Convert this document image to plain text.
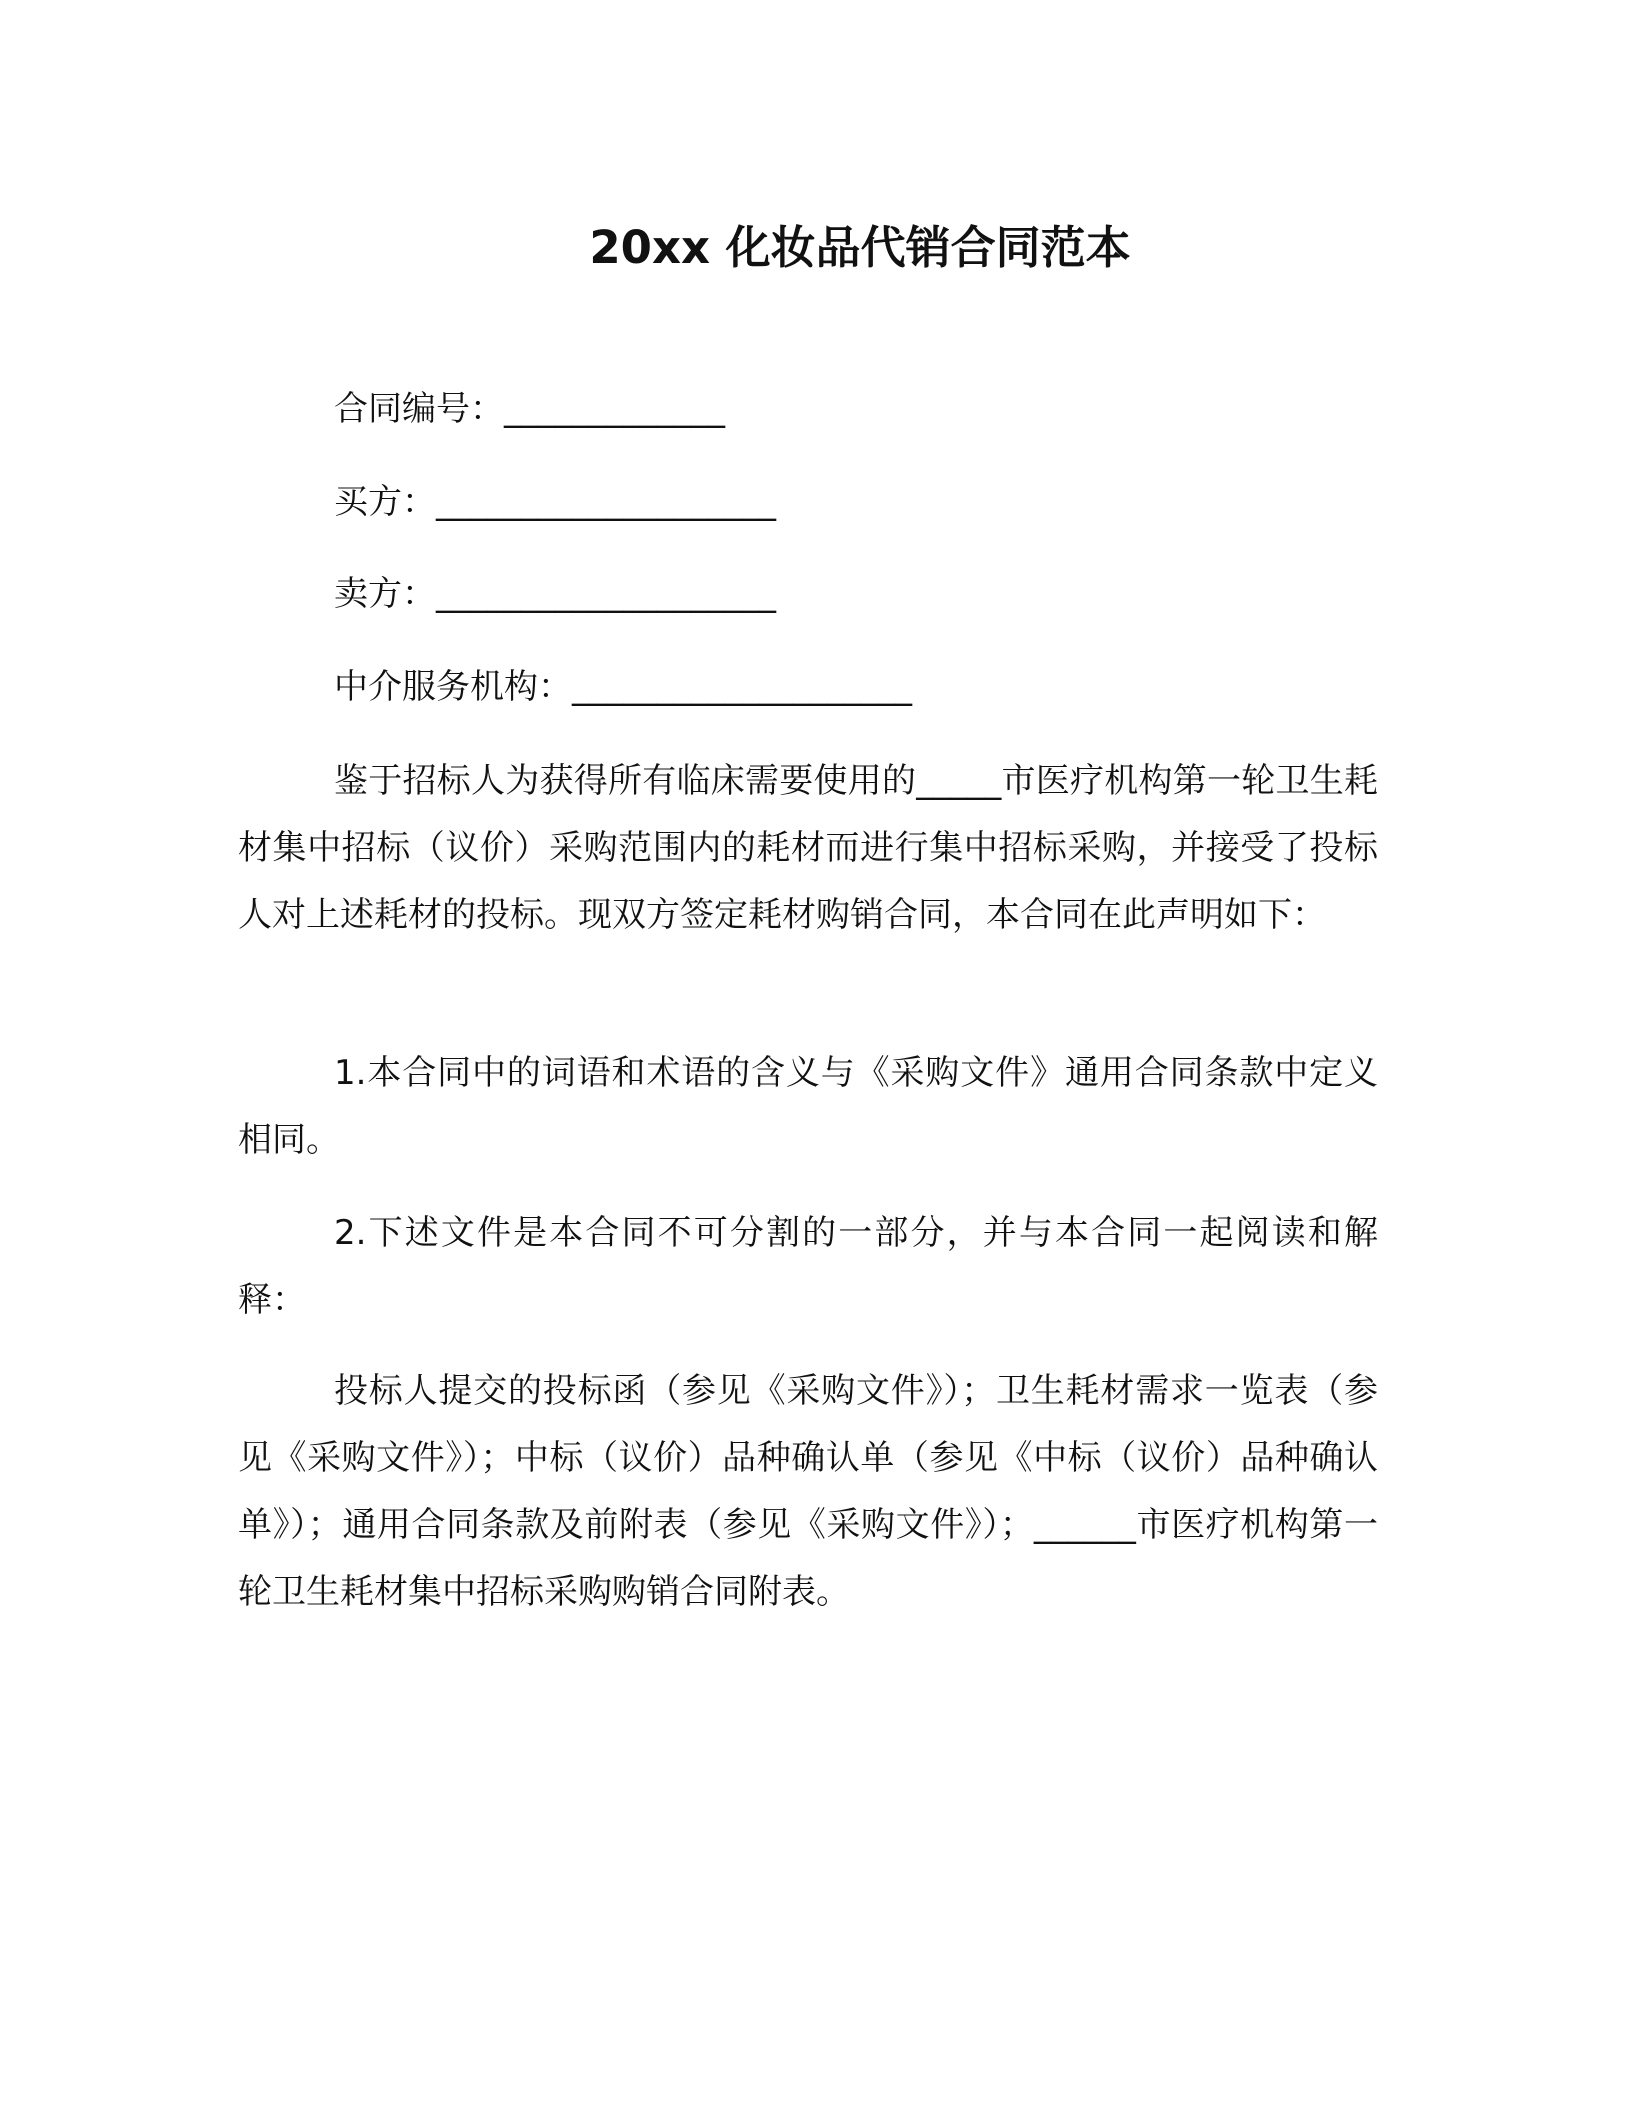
20xx 化妆品代销合同范本

合同编号：_____________

买方：____________________

卖方：____________________

中介服务机构：____________________

鉴于招标人为获得所有临床需要使用的_____市医疗机构第一轮卫生耗材集中招标（议价）采购范围内的耗材而进行集中招标采购，并接受了投标人对上述耗材的投标。现双方签定耗材购销合同，本合同在此声明如下：

1.本合同中的词语和术语的含义与《采购文件》通用合同条款中定义相同。

2.下述文件是本合同不可分割的一部分，并与本合同一起阅读和解释：

投标人提交的投标函（参见《采购文件》）；卫生耗材需求一览表（参见《采购文件》）；中标（议价）品种确认单（参见《中标（议价）品种确认单》）；通用合同条款及前附表（参见《采购文件》）；______市医疗机构第一轮卫生耗材集中招标采购购销合同附表。
